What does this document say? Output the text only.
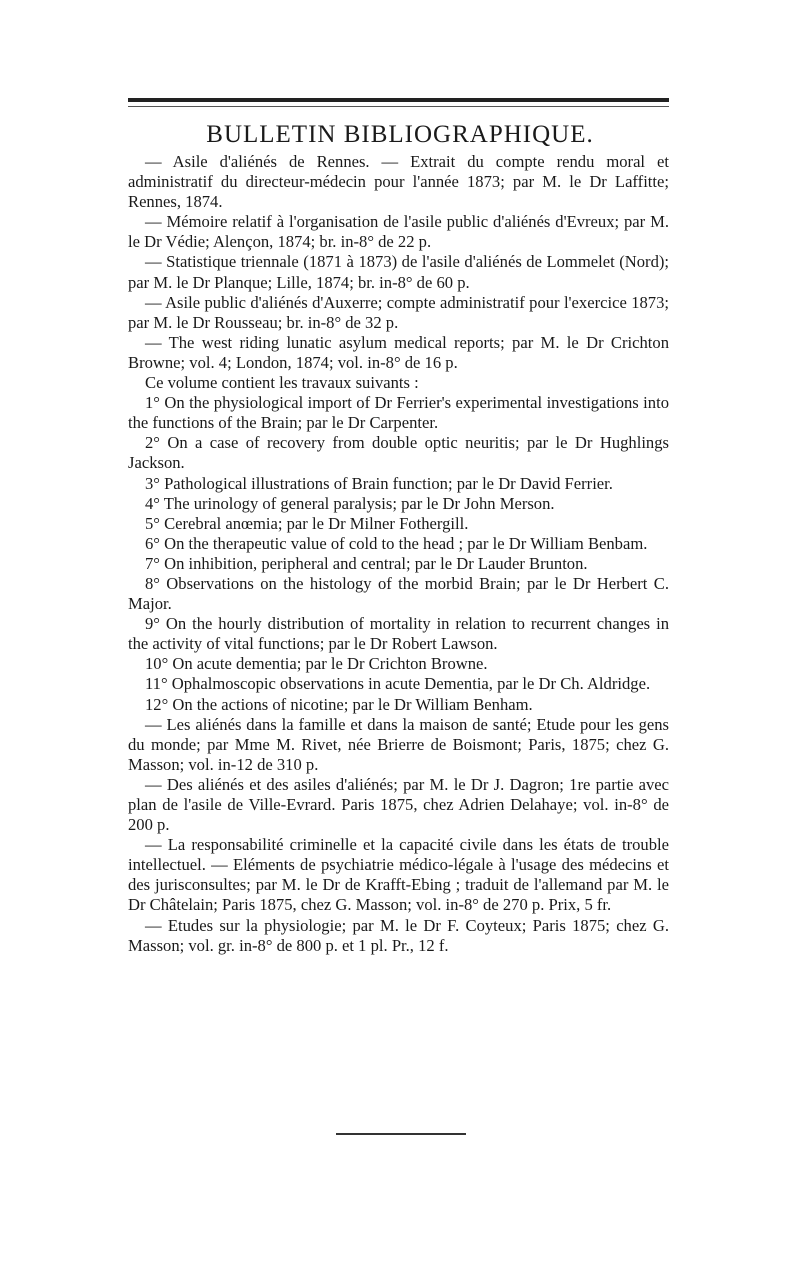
BULLETIN BIBLIOGRAPHIQUE.

— Asile d'aliénés de Rennes. — Extrait du compte rendu moral et administratif du directeur-médecin pour l'année 1873; par M. le Dr Laffitte; Rennes, 1874.

— Mémoire relatif à l'organisation de l'asile public d'aliénés d'Evreux; par M. le Dr Védie; Alençon, 1874; br. in-8° de 22 p.

— Statistique triennale (1871 à 1873) de l'asile d'aliénés de Lommelet (Nord); par M. le Dr Planque; Lille, 1874; br. in-8° de 60 p.

— Asile public d'aliénés d'Auxerre; compte administratif pour l'exercice 1873; par M. le Dr Rousseau; br. in-8° de 32 p.

— The west riding lunatic asylum medical reports; par M. le Dr Crichton Browne; vol. 4; London, 1874; vol. in-8° de 16 p.

Ce volume contient les travaux suivants :

1° On the physiological import of Dr Ferrier's experimental investigations into the functions of the Brain; par le Dr Carpenter.

2° On a case of recovery from double optic neuritis; par le Dr Hughlings Jackson.

3° Pathological illustrations of Brain function; par le Dr David Ferrier.

4° The urinology of general paralysis; par le Dr John Merson.

5° Cerebral anœmia; par le Dr Milner Fothergill.

6° On the therapeutic value of cold to the head ; par le Dr William Benbam.

7° On inhibition, peripheral and central; par le Dr Lauder Brunton.

8° Observations on the histology of the morbid Brain; par le Dr Herbert C. Major.

9° On the hourly distribution of mortality in relation to recurrent changes in the activity of vital functions; par le Dr Robert Lawson.

10° On acute dementia; par le Dr Crichton Browne.

11° Ophalmoscopic observations in acute Dementia, par le Dr Ch. Aldridge.

12° On the actions of nicotine; par le Dr William Benham.

— Les aliénés dans la famille et dans la maison de santé; Etude pour les gens du monde; par Mme M. Rivet, née Brierre de Boismont; Paris, 1875; chez G. Masson; vol. in-12 de 310 p.

— Des aliénés et des asiles d'aliénés; par M. le Dr J. Dagron; 1re partie avec plan de l'asile de Ville-Evrard. Paris 1875, chez Adrien Delahaye; vol. in-8° de 200 p.

— La responsabilité criminelle et la capacité civile dans les états de trouble intellectuel. — Eléments de psychiatrie médico-légale à l'usage des médecins et des jurisconsultes; par M. le Dr de Krafft-Ebing ; traduit de l'allemand par M. le Dr Châtelain; Paris 1875, chez G. Masson; vol. in-8° de 270 p. Prix, 5 fr.

— Etudes sur la physiologie; par M. le Dr F. Coyteux; Paris 1875; chez G. Masson; vol. gr. in-8° de 800 p. et 1 pl. Pr., 12 f.
